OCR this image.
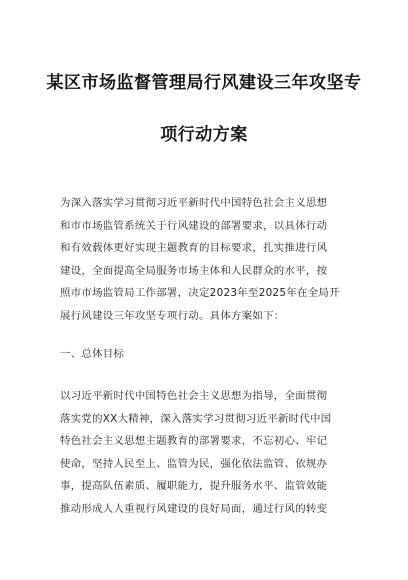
某区市场监督管理局行风建设三年攻坚专
项行动方案

为深入落实学习贯彻习近平新时代中国特色社会主义思想
和市市场监管系统关于行风建设的部署要求，以具体行动
和有效载体更好实现主题教育的目标要求，扎实推进行风
建设，全面提高全局服务市场主体和人民群众的水平，按
照市市场监管局工作部署，决定2023年至2025年在全局开
展行风建设三年攻坚专项行动。具体方案如下：

一、总体目标

以习近平新时代中国特色社会主义思想为指导，全面贯彻
落实党的XX大精神，深入落实学习贯彻习近平新时代中国
特色社会主义思想主题教育的部署要求，不忘初心、牢记
使命，坚持人民至上、监管为民，强化依法监管、依规办
事，提高队伍素质、履职能力，提升服务水平、监管效能
推动形成人人重视行风建设的良好局面，通过行风的转变
